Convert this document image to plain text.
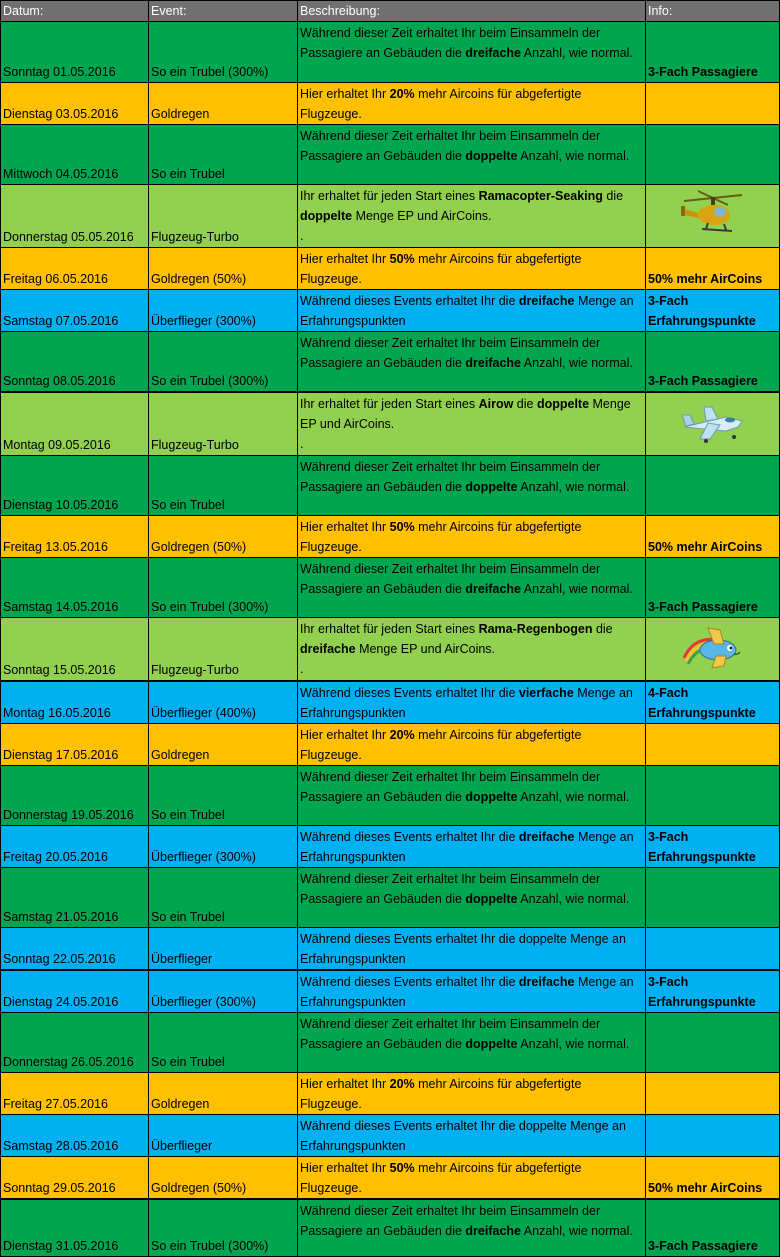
Datum:	Event:	Beschreibung:	Info:
Sonntag 01.05.2016	So ein Trubel (300%)	Während dieser Zeit erhaltet Ihr beim Einsammeln der Passagiere an Gebäuden die dreifache Anzahl, wie normal.	3-Fach Passagiere
Dienstag 03.05.2016	Goldregen	Hier erhaltet Ihr 20% mehr Aircoins für abgefertigte Flugzeuge.	
Mittwoch 04.05.2016	So ein Trubel	Während dieser Zeit erhaltet Ihr beim Einsammeln der Passagiere an Gebäuden die doppelte Anzahl, wie normal.	
Donnerstag 05.05.2016	Flugzeug-Turbo	Ihr erhaltet für jeden Start eines Ramacopter-Seaking die doppelte Menge EP und AirCoins.
.	
Freitag 06.05.2016	Goldregen (50%)	Hier erhaltet Ihr 50% mehr Aircoins für abgefertigte Flugzeuge.	50% mehr AirCoins
Samstag 07.05.2016	Überflieger (300%)	Während dieses Events erhaltet Ihr die dreifache Menge an Erfahrungspunkten	3-Fach Erfahrungspunkte
Sonntag 08.05.2016	So ein Trubel (300%)	Während dieser Zeit erhaltet Ihr beim Einsammeln der Passagiere an Gebäuden die dreifache Anzahl, wie normal.	3-Fach Passagiere
Montag 09.05.2016	Flugzeug-Turbo	Ihr erhaltet für jeden Start eines Airow die doppelte Menge EP und AirCoins.
.	
Dienstag 10.05.2016	So ein Trubel	Während dieser Zeit erhaltet Ihr beim Einsammeln der Passagiere an Gebäuden die doppelte Anzahl, wie normal.	
Freitag 13.05.2016	Goldregen (50%)	Hier erhaltet Ihr 50% mehr Aircoins für abgefertigte Flugzeuge.	50% mehr AirCoins
Samstag 14.05.2016	So ein Trubel (300%)	Während dieser Zeit erhaltet Ihr beim Einsammeln der Passagiere an Gebäuden die dreifache Anzahl, wie normal.	3-Fach Passagiere
Sonntag 15.05.2016	Flugzeug-Turbo	Ihr erhaltet für jeden Start eines Rama-Regenbogen die dreifache Menge EP und AirCoins.
.	
Montag 16.05.2016	Überflieger (400%)	Während dieses Events erhaltet Ihr die vierfache Menge an Erfahrungspunkten	4-Fach Erfahrungspunkte
Dienstag 17.05.2016	Goldregen	Hier erhaltet Ihr 20% mehr Aircoins für abgefertigte Flugzeuge.	
Donnerstag 19.05.2016	So ein Trubel	Während dieser Zeit erhaltet Ihr beim Einsammeln der Passagiere an Gebäuden die doppelte Anzahl, wie normal.	
Freitag 20.05.2016	Überflieger (300%)	Während dieses Events erhaltet Ihr die dreifache Menge an Erfahrungspunkten	3-Fach Erfahrungspunkte
Samstag 21.05.2016	So ein Trubel	Während dieser Zeit erhaltet Ihr beim Einsammeln der Passagiere an Gebäuden die doppelte Anzahl, wie normal.	
Sonntag 22.05.2016	Überflieger	Während dieses Events erhaltet Ihr die doppelte Menge an Erfahrungspunkten	
Dienstag 24.05.2016	Überflieger (300%)	Während dieses Events erhaltet Ihr die dreifache Menge an Erfahrungspunkten	3-Fach Erfahrungspunkte
Donnerstag 26.05.2016	So ein Trubel	Während dieser Zeit erhaltet Ihr beim Einsammeln der Passagiere an Gebäuden die doppelte Anzahl, wie normal.	
Freitag 27.05.2016	Goldregen	Hier erhaltet Ihr 20% mehr Aircoins für abgefertigte Flugzeuge.	
Samstag 28.05.2016	Überflieger	Während dieses Events erhaltet Ihr die doppelte Menge an Erfahrungspunkten	
Sonntag 29.05.2016	Goldregen (50%)	Hier erhaltet Ihr 50% mehr Aircoins für abgefertigte Flugzeuge.	50% mehr AirCoins
Dienstag 31.05.2016	So ein Trubel (300%)	Während dieser Zeit erhaltet Ihr beim Einsammeln der Passagiere an Gebäuden die dreifache Anzahl, wie normal.	3-Fach Passagiere
